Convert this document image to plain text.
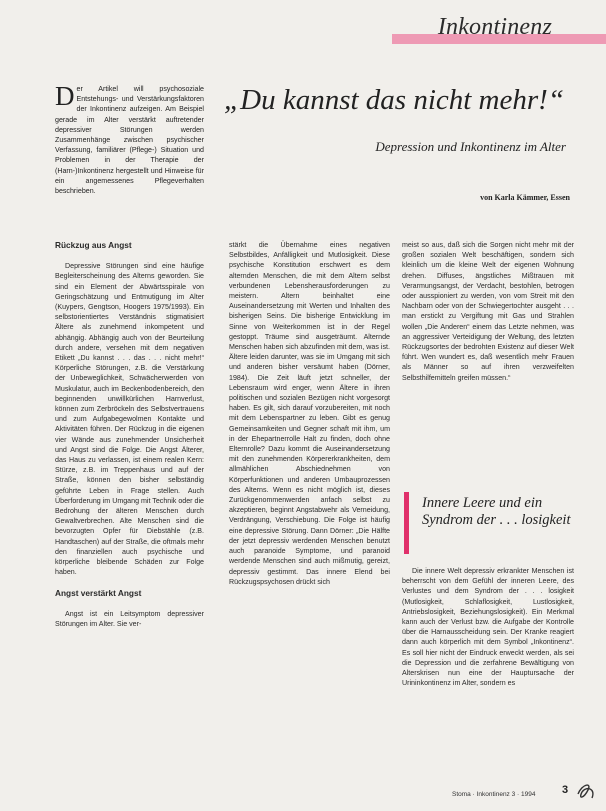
Inkontinenz
Der Artikel will psychosoziale Entstehungs- und Verstärkungsfaktoren der Inkontinenz aufzeigen. Am Beispiel gerade im Alter verstärkt auftretender depressiver Störungen werden Zusammenhänge zwischen psychischer Verfassung, familiärer (Pflege-) Situation und Problemen in der Therapie der (Harn-)Inkontinenz hergestellt und Hinweise für ein angemessenes Pflegeverhalten beschrieben.
„Du kannst das nicht mehr!“
Depression und Inkontinenz im Alter
von Karla Kämmer, Essen

Rückzug aus Angst

Depressive Störungen sind eine häufige Begleiterscheinung des Alterns geworden. Sie sind ein Element der Abwärtsspirale von Geringschätzung und Entmutigung im Alter (Kuypers, Gengtson, Hoogers 1975/1993). Ein selbstorientiertes Verständnis stigmatisiert Ältere als zunehmend inkompetent und abhängig. Abhängig auch von der Beurteilung durch andere, versehen mit dem negativen Etikett „Du kannst . . . das . . . nicht mehr!“ Körperliche Störungen, z.B. die Verstärkung der Unbeweglichkeit, Schwächerwerden von Muskulatur, auch im Beckenbodenbereich, den beginnenden unwillkürlichen Harnverlust, können zum Zerbröckeln des Selbstvertrauens und zum Aufgabegewolmen Kontakte und Aktivitäten führen. Der Rückzug in die eigenen vier Wände aus zunehmender Unsicherheit und Angst sind die Folge. Die Angst Älterer, das Haus zu verlassen, ist einem realen Kern: Stürze, z.B. im Treppenhaus und auf der Straße, können den bisher selbständig geführte Leben in Frage stellen. Auch Überforderung im Umgang mit Technik oder die Bedrohung der älteren Menschen durch Gewaltverbrechen. Alte Menschen sind die bevorzugten Opfer für Diebstähle (z.B. Handtaschen) auf der Straße, die oftmals mehr den finanziellen auch psychische und körperliche bleibende Schäden zur Folge haben.

Angst verstärkt Angst

Angst ist ein Leitsymptom depressiver Störungen im Alter. Sie ver-

stärkt die Übernahme eines negativen Selbstbildes, Anfälligkeit und Mutlosigkeit. Diese psychische Konstitution erschwert es dem alternden Menschen, die mit dem Altern selbst verbundenen Lebensherausforderungen zu meistern. Altern beinhaltet eine Auseinandersetzung mit Werten und Inhalten des bisherigen Seins. Die bisherige Entwicklung im Sinne von Weiterkommen ist in der Regel gestoppt. Träume sind ausgeträumt. Alternde Menschen haben sich abzufinden mit dem, was ist. Ältere leiden darunter, was sie im Umgang mit sich und anderen bisher versäumt haben (Dörner, 1984). Die Zeit läuft jetzt schneller, der Lebensraum wird enger, wenn Ältere in ihren politischen und sozialen Bezügen nicht vorgesorgt haben. Es gilt, sich darauf vorzubereiten, mit noch mit dem Lebenspartner zu leben. Gibt es genug Gemeinsamkeiten und Gegner schaft mit ihm, um in der Ehepartnerrolle Halt zu finden, doch ohne Elternrolle? Dazu kommt die Auseinandersetzung mit den zunehmenden Körpererkrankheiten, dem allmählichen Abschiednehmen von Körperfunktionen und anderen Umbauprozessen des Alterns. Wenn es nicht möglich ist, dieses Zurückgenommenwerden anfach selbst zu akzeptieren, beginnt Angstabwehr als Verneidung, Verdrängung, Verschiebung. Die Folge ist häufig eine depressive Störung. Dann Dörner: „Die Hälfte der jetzt depressiv werdenden Menschen benutzt auch paranoide Symptome, und paranoid werdende Menschen sind auch mißmutig, gereizt, depressiv gestimmt. Das innere Elend bei Rückzugspsychosen drückt sich

meist so aus, daß sich die Sorgen nicht mehr mit der großen sozialen Welt beschäftigen, sondern sich kleinlich um die kleine Welt der eigenen Wohnung drehen. Diffuses, ängstliches Mißtrauen mit Verarmungsangst, der Verdacht, bestohlen, betrogen oder ausspioniert zu werden, von vom Streit mit den Nachbarn oder von der Schwiegertochter ausgeht . . . man erstickt zu Vergiftung mit Gas und Strahlen wollen „Die Anderen“ einem das Letzte nehmen, was an aggressiver Verteidigung der Weltung, des letzten Rückzugsortes der bedrohten Existenz auf dieser Welt führt. Wen wundert es, daß wesentlich mehr Frauen als Männer so auf ihren verzweifelten Selbsthilfemitteln greifen müssen.“

Innere Leere und ein Syndrom der . . . losigkeit

Die innere Welt depressiv erkrankter Menschen ist beherrscht von dem Gefühl der inneren Leere, des Verlustes und dem Syndrom der . . . losigkeit (Mutlosigkeit, Schlaflosigkeit, Lustlosigkeit, Antriebslosigkeit, Beziehungslosigkeit). Ein Merkmal kann auch der Verlust bzw. die Aufgabe der Kontrolle über die Harnausscheidung sein. Der Kranke reagiert dann auch körperlich mit dem Symbol „Inkontinenz“. Es soll hier nicht der Eindruck erweckt werden, als sei die Depression und die zerfahrene Bewältigung von Alterskrisen nun eine der Hauptursache der Urininkontinenz im Alter, sondern es

Stoma · Inkontinenz 3 · 1994 3
